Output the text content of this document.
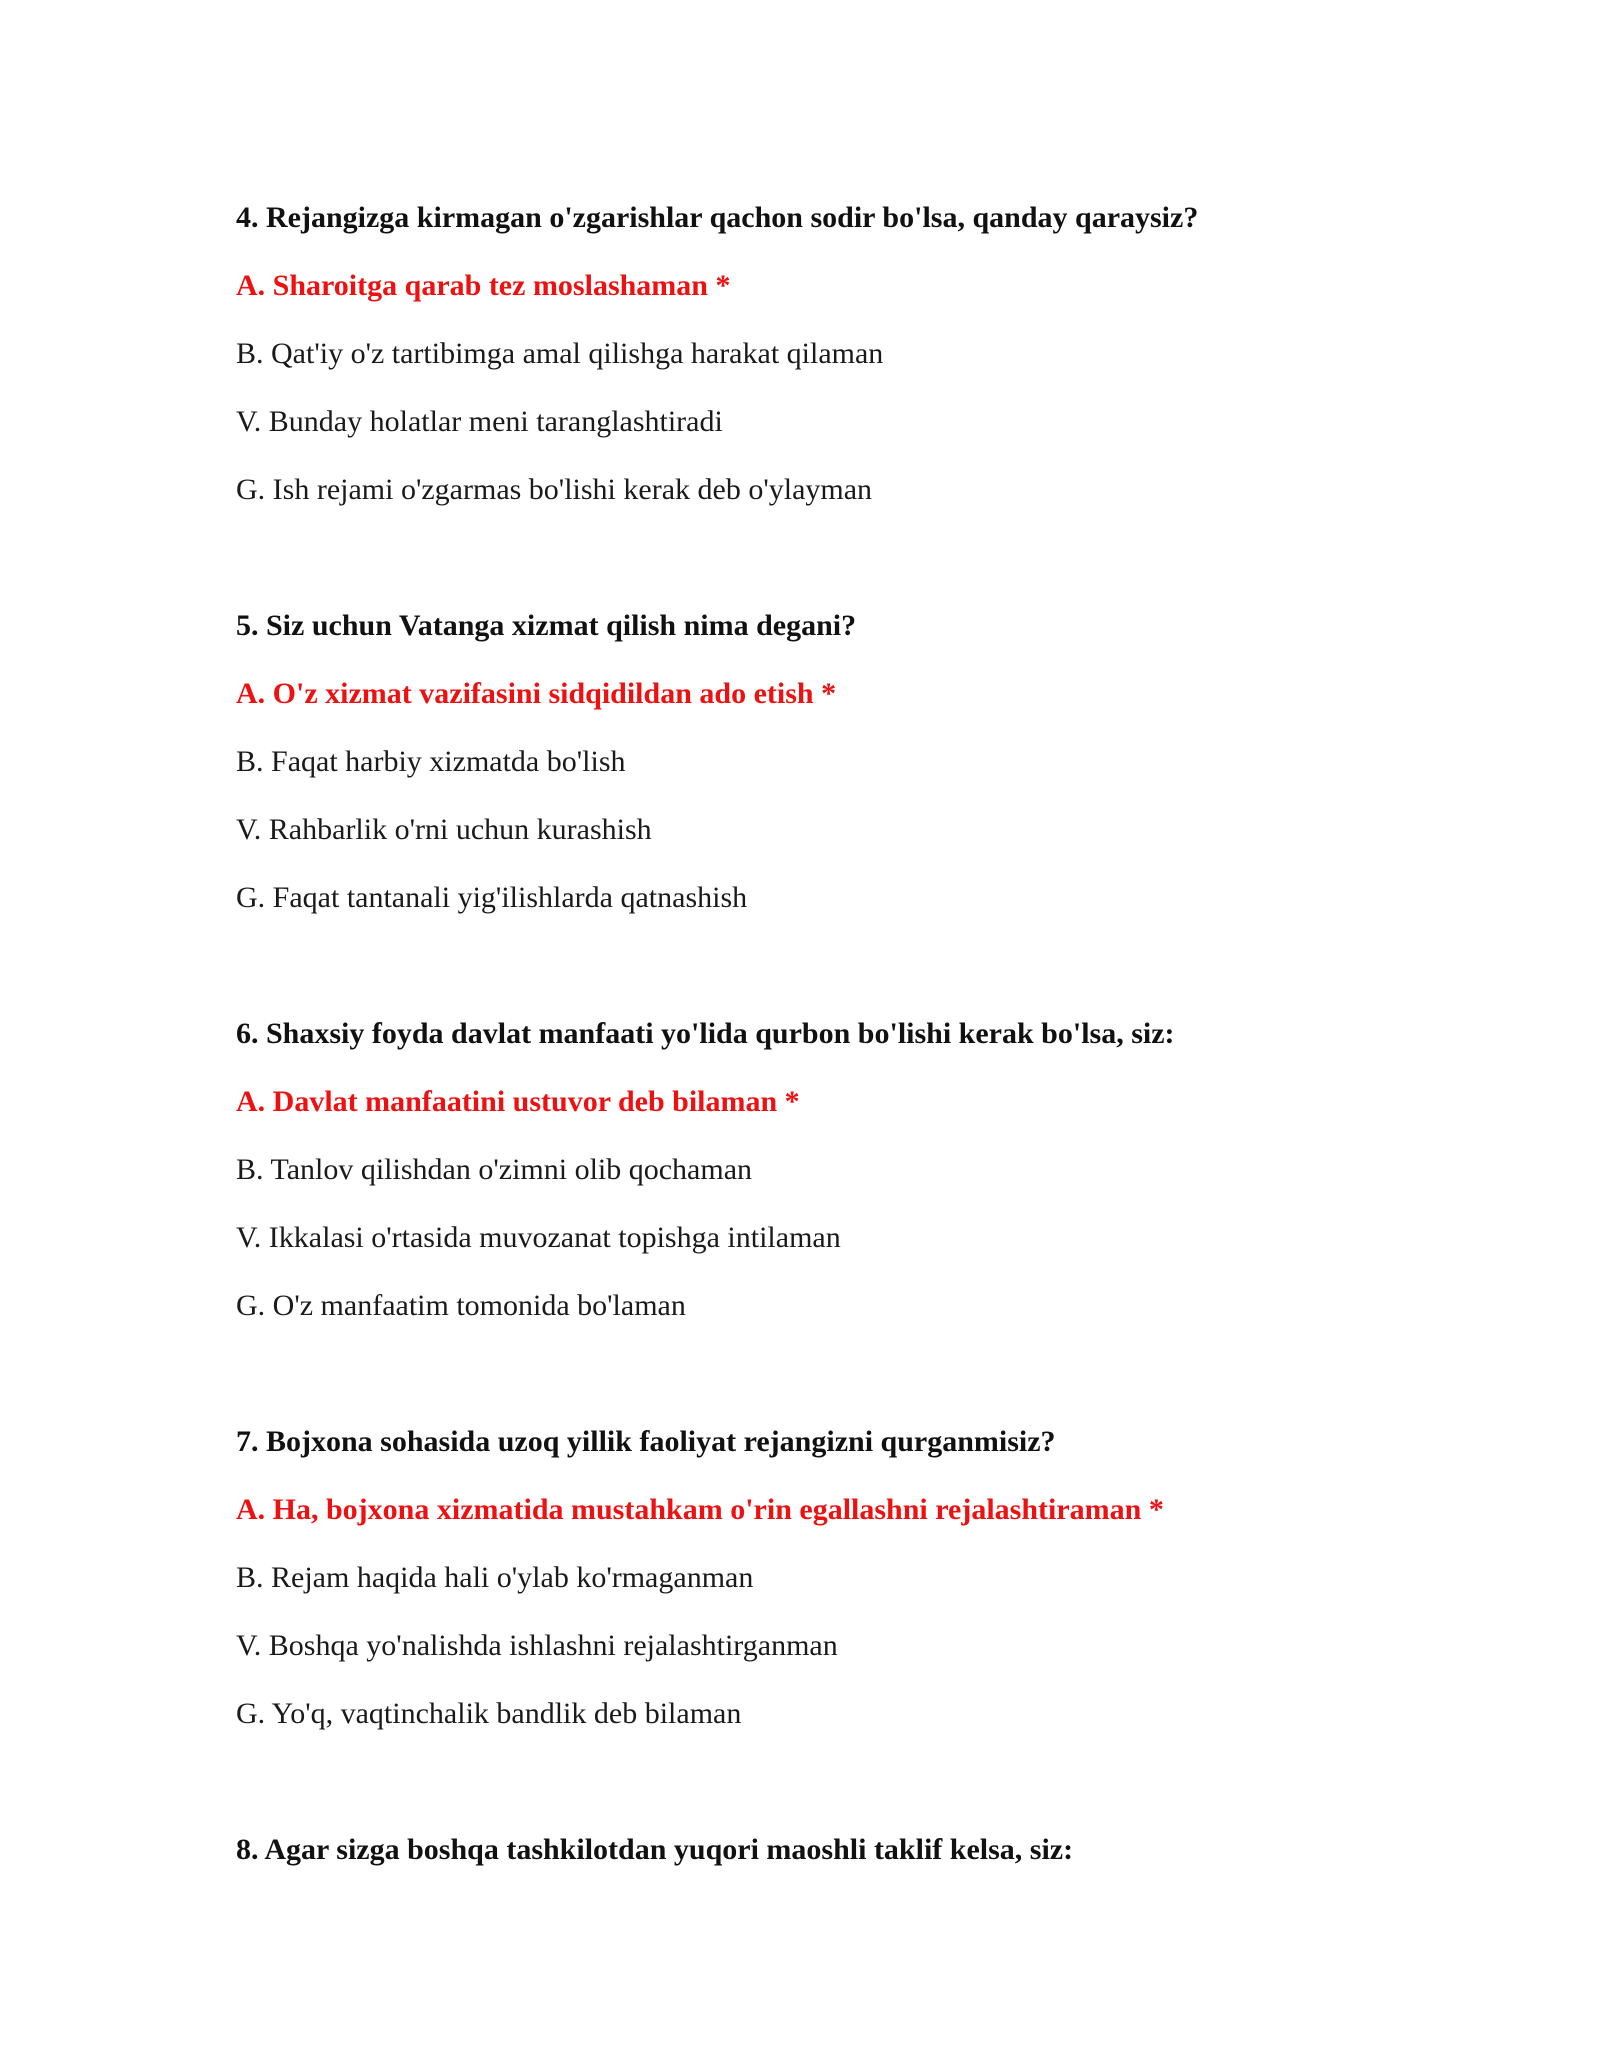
4. Rejangizga kirmagan o'zgarishlar qachon sodir bo'lsa, qanday qaraysiz?
A. Sharoitga qarab tez moslashaman *
B. Qat'iy o'z tartibimga amal qilishga harakat qilaman
V. Bunday holatlar meni taranglashtiradi
G. Ish rejami o'zgarmas bo'lishi kerak deb o'ylayman
5. Siz uchun Vatanga xizmat qilish nima degani?
A. O'z xizmat vazifasini sidqidildan ado etish *
B. Faqat harbiy xizmatda bo'lish
V. Rahbarlik o'rni uchun kurashish
G. Faqat tantanali yig'ilishlarda qatnashish
6. Shaxsiy foyda davlat manfaati yo'lida qurbon bo'lishi kerak bo'lsa, siz:
A. Davlat manfaatini ustuvor deb bilaman *
B. Tanlov qilishdan o'zimni olib qochaman
V. Ikkalasi o'rtasida muvozanat topishga intilaman
G. O'z manfaatim tomonida bo'laman
7. Bojxona sohasida uzoq yillik faoliyat rejangizni qurganmisiz?
A. Ha, bojxona xizmatida mustahkam o'rin egallashni rejalashtiraman *
B. Rejam haqida hali o'ylab ko'rmaganman
V. Boshqa yo'nalishda ishlashni rejalashtirganman
G. Yo'q, vaqtinchalik bandlik deb bilaman
8. Agar sizga boshqa tashkilotdan yuqori maoshli taklif kelsa, siz:
